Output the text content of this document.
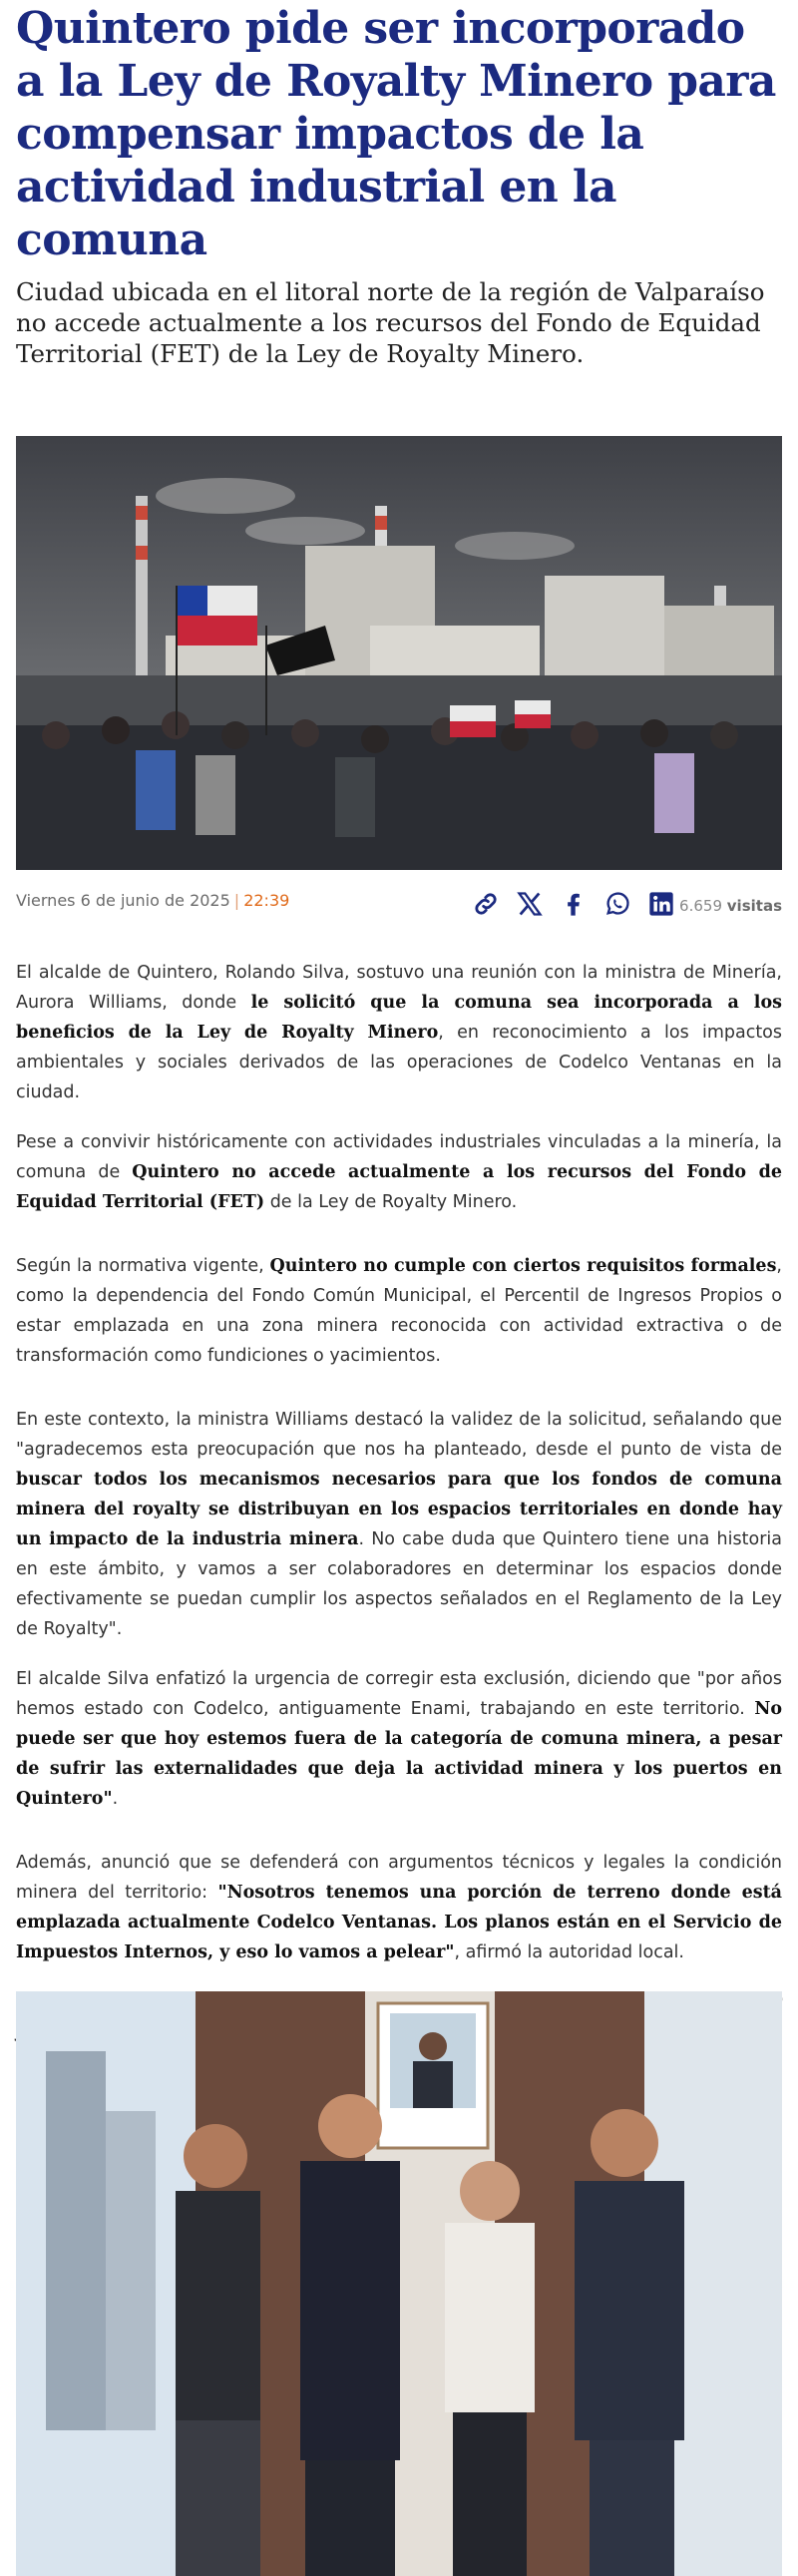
Quintero pide ser incorporado a la Ley de Royalty Minero para compensar impactos de la actividad industrial en la comuna

Ciudad ubicada en el litoral norte de la región de Valparaíso no accede actualmente a los recursos del Fondo de Equidad Territorial (FET) de la Ley de Royalty Minero.

Viernes 6 de junio de 2025 | 22:39	6.659 visitas

El alcalde de Quintero, Rolando Silva, sostuvo una reunión con la ministra de Minería, Aurora Williams, donde le solicitó que la comuna sea incorporada a los beneficios de la Ley de Royalty Minero, en reconocimiento a los impactos ambientales y sociales derivados de las operaciones de Codelco Ventanas en la ciudad.

Pese a convivir históricamente con actividades industriales vinculadas a la minería, la comuna de Quintero no accede actualmente a los recursos del Fondo de Equidad Territorial (FET) de la Ley de Royalty Minero.

Según la normativa vigente, Quintero no cumple con ciertos requisitos formales, como la dependencia del Fondo Común Municipal, el Percentil de Ingresos Propios o estar emplazada en una zona minera reconocida con actividad extractiva o de transformación como fundiciones o yacimientos.

En este contexto, la ministra Williams destacó la validez de la solicitud, señalando que "agradecemos esta preocupación que nos ha planteado, desde el punto de vista de buscar todos los mecanismos necesarios para que los fondos de comuna minera del royalty se distribuyan en los espacios territoriales en donde hay un impacto de la industria minera. No cabe duda que Quintero tiene una historia en este ámbito, y vamos a ser colaboradores en determinar los espacios donde efectivamente se puedan cumplir los aspectos señalados en el Reglamento de la Ley de Royalty".

El alcalde Silva enfatizó la urgencia de corregir esta exclusión, diciendo que "por años hemos estado con Codelco, antiguamente Enami, trabajando en este territorio. No puede ser que hoy estemos fuera de la categoría de comuna minera, a pesar de sufrir las externalidades que deja la actividad minera y los puertos en Quintero".

Además, anunció que se defenderá con argumentos técnicos y legales la condición minera del territorio: "Nosotros tenemos una porción de terreno donde está emplazada actualmente Codelco Ventanas. Los planos están en el Servicio de Impuestos Internos, y eso lo vamos a pelear", afirmó la autoridad local.
